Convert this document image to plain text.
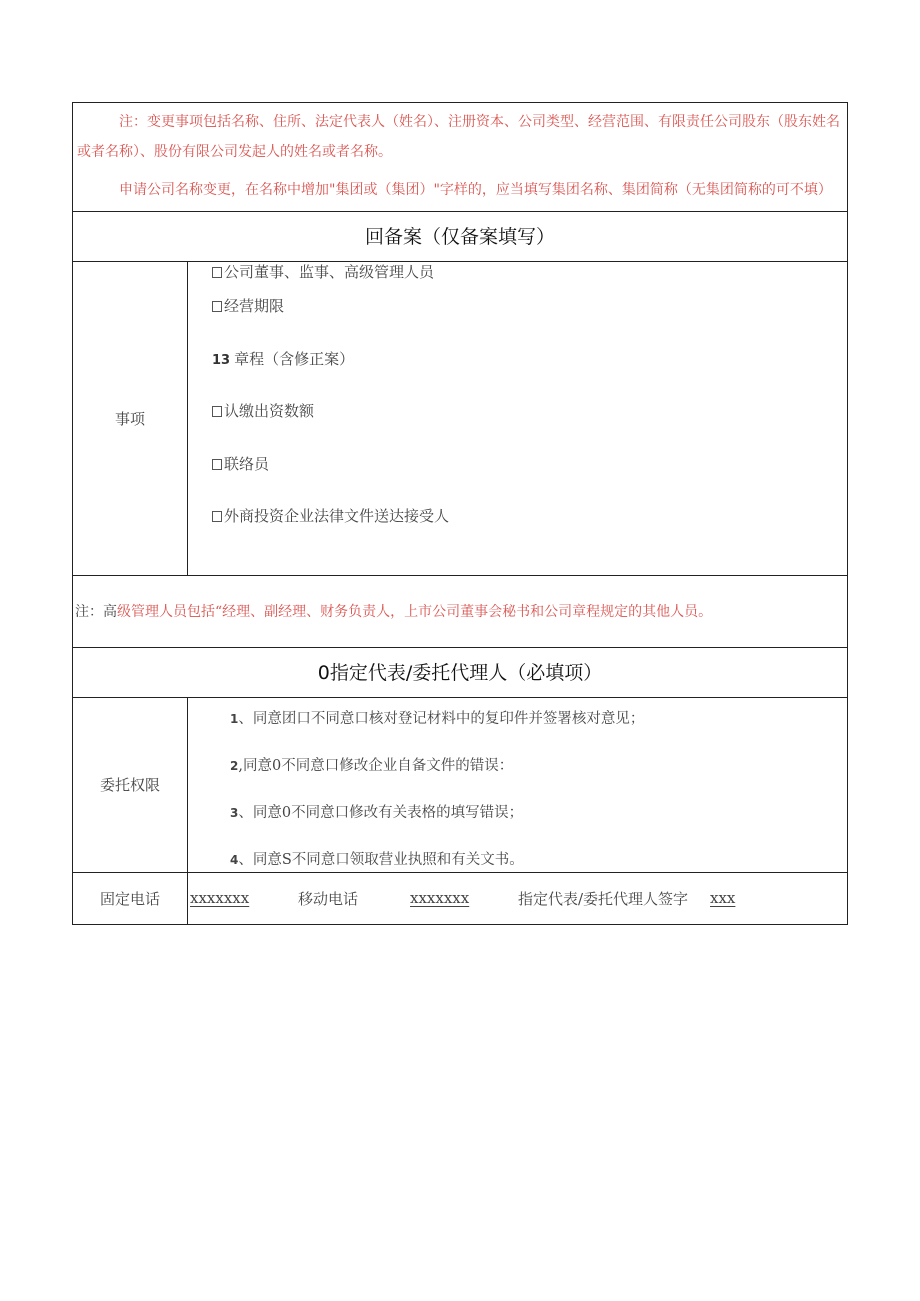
注：变更事项包括名称、住所、法定代表人（姓名）、注册资本、公司类型、经营范围、有限责任公司股东（股东姓名或者名称）、股份有限公司发起人的姓名或者名称。

申请公司名称变更，在名称中增加"集团或（集团）"字样的，应当填写集团名称、集团简称（无集团简称的可不填）

回备案（仅备案填写）
事项
公司董事、监事、高级管理人员
经营期限
13 章程（含修正案）
认缴出资数额
联络员
外商投资企业法律文件送达接受人
注：高级管理人员包括“经理、副经理、财务负责人，上市公司董事会秘书和公司章程规定的其他人员。
0指定代表/委托代理人（必填项）
委托权限
1、同意团口不同意口核对登记材料中的复印件并签署核对意见；
2,同意0不同意口修改企业自备文件的错误：
3、同意0不同意口修改有关表格的填写错误；
4、同意S不同意口领取营业执照和有关文书。
固定电话	xxxxxxx	移动电话	xxxxxxx	指定代表/委托代理人签字	xxx
